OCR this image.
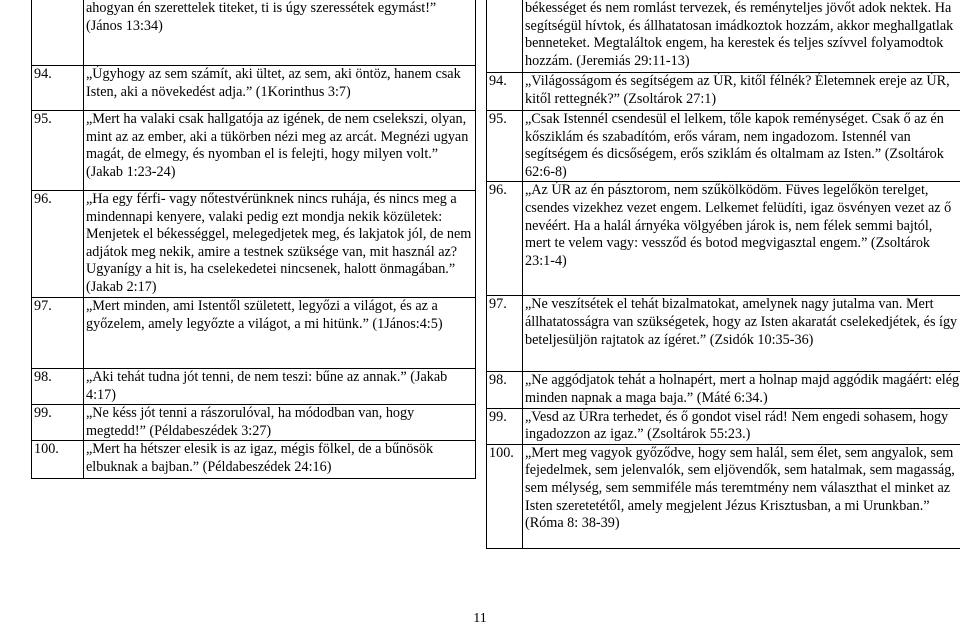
	ahogyan én szerettelek titeket, ti is úgy szeressétek egymást!” (János 13:34)
94.	„Úgyhogy az sem számít, aki ültet, az sem, aki öntöz, hanem csak Isten, aki a növekedést adja.” (1Korinthus 3:7)
95.	„Mert ha valaki csak hallgatója az igének, de nem cselekszi, olyan, mint az az ember, aki a tükörben nézi meg az arcát. Megnézi ugyan magát, de elmegy, és nyomban el is felejti, hogy milyen volt.” (Jakab 1:23-24)
96.	„Ha egy férfi- vagy nőtestvérünknek nincs ruhája, és nincs meg a mindennapi kenyere, valaki pedig ezt mondja nekik közületek: Menjetek el békességgel, melegedjetek meg, és lakjatok jól, de nem adjátok meg nekik, amire a testnek szüksége van, mit használ az? Ugyanígy a hit is, ha cselekedetei nincsenek, halott önmagában.” (Jakab 2:17)
97.	„Mert minden, ami Istentől született, legyőzi a világot, és az a győzelem, amely legyőzte a világot, a mi hitünk.” (1János:4:5)
98.	„Aki tehát tudna jót tenni, de nem teszi: bűne az annak.” (Jakab 4:17)
99.	„Ne késs jót tenni a rászorulóval, ha módodban van, hogy megtedd!” (Példabeszédek 3:27)
100.	„Mert ha hétszer elesik is az igaz, mégis fölkel, de a bűnösök elbuknak a bajban.” (Példabeszédek 24:16)
	békességet és nem romlást tervezek, és reményteljes jövőt adok nektek. Ha segítségül hívtok, és állhatatosan imádkoztok hozzám, akkor meghallgatlak benneteket. Megtaláltok engem, ha kerestek és teljes szívvel folyamodtok hozzám. (Jeremiás 29:11-13)
94.	„Világosságom és segítségem az ÚR, kitől félnék? Életemnek ereje az ÚR, kitől rettegnék?” (Zsoltárok 27:1)
95.	„Csak Istennél csendesül el lelkem, tőle kapok reménységet. Csak ő az én kősziklám és szabadítóm, erős váram, nem ingadozom. Istennél van segítségem és dicsőségem, erős sziklám és oltalmam az Isten.” (Zsoltárok 62:6-8)
96.	„Az ÚR az én pásztorom, nem szűkölködöm. Füves legelőkön terelget, csendes vizekhez vezet engem. Lelkemet felüdíti, igaz ösvényen vezet az ő nevéért. Ha a halál árnyéka völgyében járok is, nem félek semmi bajtól, mert te velem vagy: vessződ és botod megvigasztal engem.” (Zsoltárok 23:1-4)
97.	„Ne veszítsétek el tehát bizalmatokat, amelynek nagy jutalma van. Mert állhatatosságra van szükségetek, hogy az Isten akaratát cselekedjétek, és így beteljesüljön rajtatok az ígéret.” (Zsidók 10:35-36)
98.	„Ne aggódjatok tehát a holnapért, mert a holnap majd aggódik magáért: elég minden napnak a maga baja.” (Máté 6:34.)
99.	„Vesd az ÚRra terhedet, és ő gondot visel rád! Nem engedi sohasem, hogy ingadozzon az igaz.” (Zsoltárok 55:23.)
100.	„Mert meg vagyok győződve, hogy sem halál, sem élet, sem angyalok, sem fejedelmek, sem jelenvalók, sem eljövendők, sem hatalmak, sem magasság, sem mélység, sem semmiféle más teremtmény nem választhat el minket az Isten szeretetétől, amely megjelent Jézus Krisztusban, a mi Urunkban.” (Róma 8: 38-39)
11
